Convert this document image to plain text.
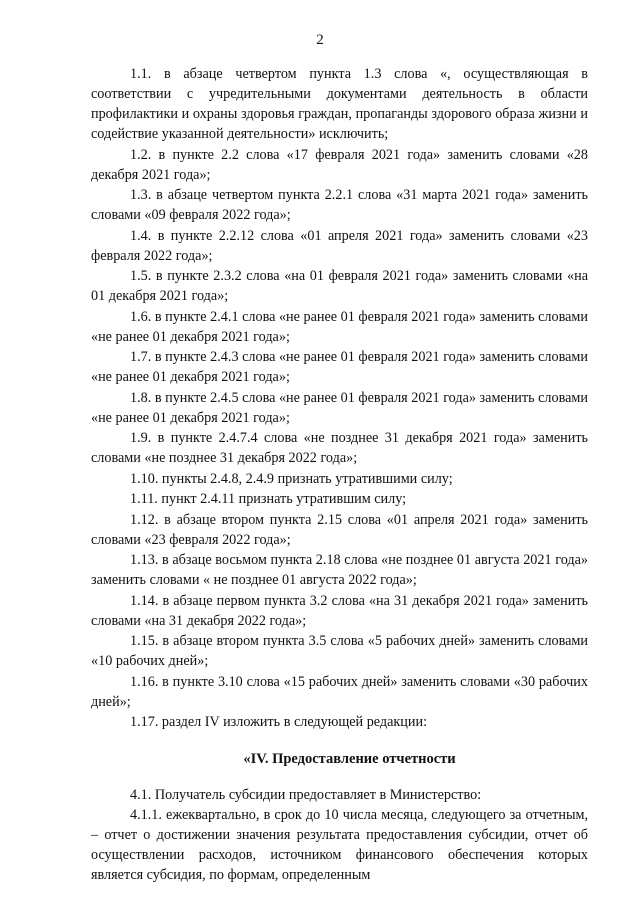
2

1.1. в абзаце четвертом пункта 1.3 слова «, осуществляющая в соответствии с учредительными документами деятельность в области профилактики и охраны здоровья граждан, пропаганды здорового образа жизни и содействие указанной деятельности» исключить;

1.2. в пункте 2.2 слова «17 февраля 2021 года» заменить словами «28 декабря 2021 года»;

1.3. в абзаце четвертом пункта 2.2.1 слова «31 марта 2021 года» заменить словами «09 февраля 2022 года»;

1.4. в пункте 2.2.12 слова «01 апреля 2021 года» заменить словами «23 февраля 2022 года»;

1.5. в пункте 2.3.2 слова «на 01 февраля 2021 года» заменить словами «на 01 декабря 2021 года»;

1.6. в пункте 2.4.1 слова «не ранее 01 февраля 2021 года» заменить словами «не ранее 01 декабря 2021 года»;

1.7. в пункте 2.4.3 слова «не ранее 01 февраля 2021 года» заменить словами «не ранее 01 декабря 2021 года»;

1.8. в пункте 2.4.5 слова «не ранее 01 февраля 2021 года» заменить словами «не ранее 01 декабря 2021 года»;

1.9. в пункте 2.4.7.4 слова «не позднее 31 декабря 2021 года» заменить словами «не позднее 31 декабря 2022 года»;

1.10. пункты 2.4.8, 2.4.9 признать утратившими силу;

1.11. пункт 2.4.11 признать утратившим силу;

1.12. в абзаце втором пункта 2.15 слова «01 апреля 2021 года» заменить словами «23 февраля 2022 года»;

1.13. в абзаце восьмом пункта 2.18 слова «не позднее 01 августа 2021 года» заменить словами « не позднее 01 августа 2022 года»;

1.14. в абзаце первом пункта 3.2 слова «на 31 декабря 2021 года» заменить словами «на 31 декабря 2022 года»;

1.15. в абзаце втором пункта 3.5 слова «5 рабочих дней» заменить словами «10 рабочих дней»;

1.16. в пункте 3.10 слова «15 рабочих дней» заменить словами «30 рабочих дней»;

1.17. раздел IV изложить в следующей редакции:

«IV. Предоставление отчетности

4.1. Получатель субсидии предоставляет в Министерство:

4.1.1. ежеквартально, в срок до 10 числа месяца, следующего за отчетным, – отчет о достижении значения результата предоставления субсидии, отчет об осуществлении расходов, источником финансового обеспечения которых является субсидия, по формам, определенным
